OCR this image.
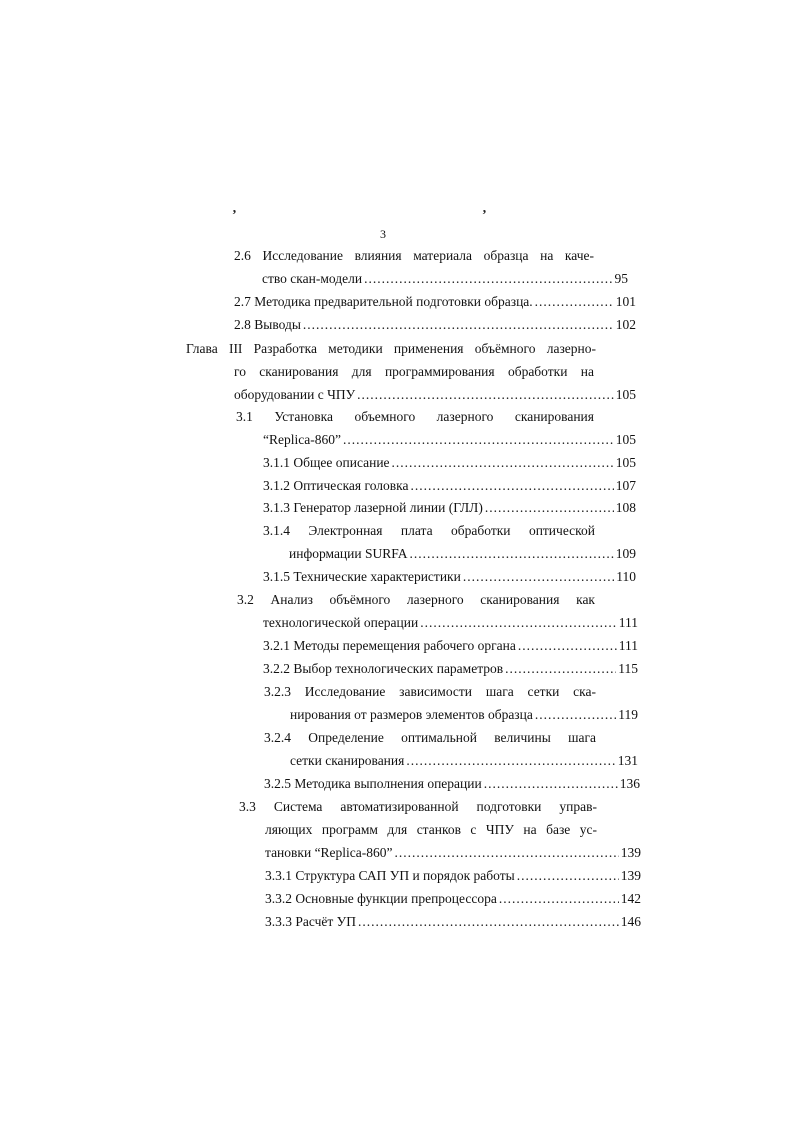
ʼ	ʼ
3
2.6 Исследование влияния материала образца на каче-
ство скан-модели .....	95
2.7 Методика предварительной подготовки образца. .....	101
2.8 Выводы .....	102
Глава III Разработка методики применения объёмного лазерно-
го сканирования для программирования обработки на
оборудовании с ЧПУ .....	105
3.1 Установка объемного лазерного сканирования
“Replica-860” .....	105
3.1.1 Общее описание .....	105
3.1.2 Оптическая головка .....	107
3.1.3 Генератор лазерной линии (ГЛЛ) .....	108
3.1.4 Электронная плата обработки оптической
информации SURFA .....	109
3.1.5 Технические характеристики .....	110
3.2 Анализ объёмного лазерного сканирования как
технологической операции .....	111
3.2.1 Методы перемещения рабочего органа .....	111
3.2.2 Выбор технологических параметров .....	115
3.2.3 Исследование зависимости шага сетки ска-
нирования от размеров элементов образца .....	119
3.2.4 Определение оптимальной величины шага
сетки сканирования .....	131
3.2.5 Методика выполнения операции .....	136
3.3 Система автоматизированной подготовки управ-
ляющих программ для станков с ЧПУ на базе ус-
тановки “Replica-860” .....	139
3.3.1 Структура САП УП и порядок работы .....	139
3.3.2 Основные функции препроцессора .....	142
3.3.3 Расчёт УП .....	146
